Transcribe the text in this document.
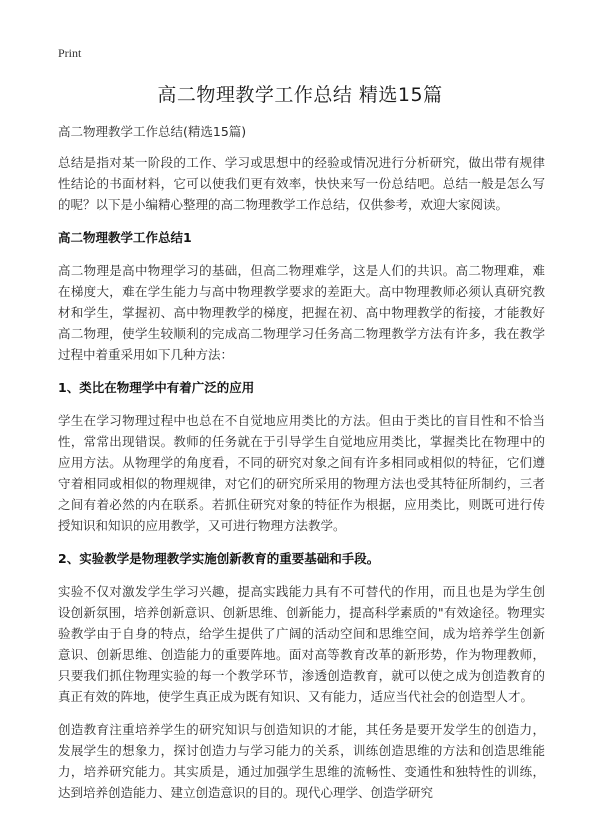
Print
高二物理教学工作总结 精选15篇

高二物理教学工作总结(精选15篇)

总结是指对某一阶段的工作、学习或思想中的经验或情况进行分析研究，做出带有规律性结论的书面材料，它可以使我们更有效率，快快来写一份总结吧。总结一般是怎么写的呢？以下是小编精心整理的高二物理教学工作总结，仅供参考，欢迎大家阅读。

高二物理教学工作总结1

高二物理是高中物理学习的基础，但高二物理难学，这是人们的共识。高二物理难，难在梯度大，难在学生能力与高中物理教学要求的差距大。高中物理教师必须认真研究教材和学生，掌握初、高中物理教学的梯度，把握在初、高中物理教学的衔接，才能教好高二物理，使学生较顺利的完成高二物理学习任务高二物理教学方法有许多，我在教学过程中着重采用如下几种方法：

1、类比在物理学中有着广泛的应用

学生在学习物理过程中也总在不自觉地应用类比的方法。但由于类比的盲目性和不恰当性，常常出现错误。教师的任务就在于引导学生自觉地应用类比，掌握类比在物理中的应用方法。从物理学的角度看，不同的研究对象之间有许多相同或相似的特征，它们遵守着相同或相似的物理规律，对它们的研究所采用的物理方法也受其特征所制约，三者之间有着必然的内在联系。若抓住研究对象的特征作为根据，应用类比，则既可进行传授知识和知识的应用教学，又可进行物理方法教学。

2、实验教学是物理教学实施创新教育的重要基础和手段。

实验不仅对激发学生学习兴趣，提高实践能力具有不可替代的作用，而且也是为学生创设创新氛围，培养创新意识、创新思维、创新能力，提高科学素质的"有效途径。物理实验教学由于自身的特点，给学生提供了广阔的活动空间和思维空间，成为培养学生创新意识、创新思维、创造能力的重要阵地。面对高等教育改革的新形势，作为物理教师，只要我们抓住物理实验的每一个教学环节，渗透创造教育，就可以使之成为创造教育的真正有效的阵地，使学生真正成为既有知识、又有能力，适应当代社会的创造型人才。

创造教育注重培养学生的研究知识与创造知识的才能，其任务是要开发学生的创造力，发展学生的想象力，探讨创造力与学习能力的关系，训练创造思维的方法和创造思维能力，培养研究能力。其实质是，通过加强学生思维的流畅性、变通性和独特性的训练，达到培养创造能力、建立创造意识的目的。现代心理学、创造学研究
